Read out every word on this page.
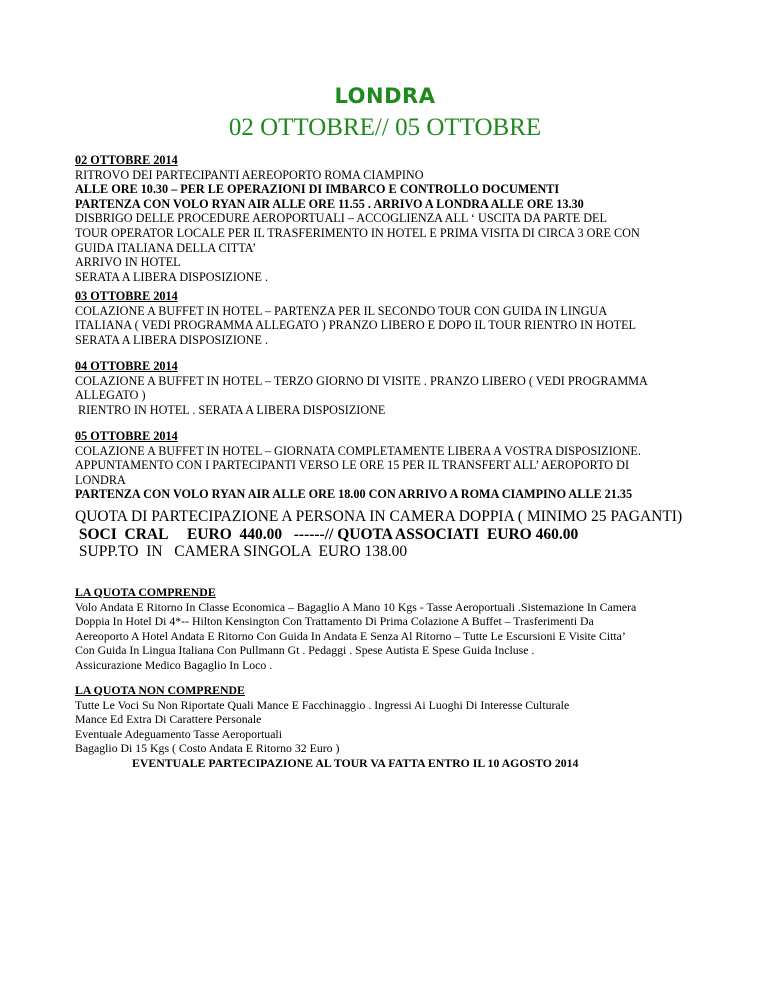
LONDRA
02 OTTOBRE// 05 OTTOBRE
02 OTTOBRE 2014
RITROVO DEI PARTECIPANTI AEREOPORTO ROMA CIAMPINO
ALLE ORE 10.30 – PER LE OPERAZIONI DI IMBARCO E CONTROLLO DOCUMENTI
PARTENZA CON VOLO RYAN AIR ALLE ORE 11.55 . ARRIVO A LONDRA ALLE ORE 13.30
DISBRIGO DELLE PROCEDURE AEROPORTUALI – ACCOGLIENZA ALL ‘ USCITA DA PARTE DEL
TOUR OPERATOR LOCALE PER IL TRASFERIMENTO IN HOTEL E PRIMA VISITA DI CIRCA 3 ORE CON
GUIDA ITALIANA DELLA CITTA’
ARRIVO IN HOTEL
SERATA A LIBERA DISPOSIZIONE .
03 OTTOBRE 2014
COLAZIONE A BUFFET IN HOTEL – PARTENZA PER IL SECONDO TOUR CON GUIDA IN LINGUA
ITALIANA ( VEDI PROGRAMMA ALLEGATO ) PRANZO LIBERO E DOPO IL TOUR RIENTRO IN HOTEL
SERATA A LIBERA DISPOSIZIONE .
04 OTTOBRE 2014
COLAZIONE A BUFFET IN HOTEL – TERZO GIORNO DI VISITE . PRANZO LIBERO ( VEDI PROGRAMMA
ALLEGATO )
RIENTRO IN HOTEL . SERATA A LIBERA DISPOSIZIONE
05 OTTOBRE 2014
COLAZIONE A BUFFET IN HOTEL – GIORNATA COMPLETAMENTE LIBERA A VOSTRA DISPOSIZIONE.
APPUNTAMENTO CON I PARTECIPANTI VERSO LE ORE 15 PER IL TRANSFERT ALL’ AEROPORTO DI
LONDRA
PARTENZA CON VOLO RYAN AIR ALLE ORE 18.00 CON ARRIVO A ROMA CIAMPINO ALLE 21.35
QUOTA DI PARTECIPAZIONE A PERSONA IN CAMERA DOPPIA ( MINIMO 25 PAGANTI)
SOCI  CRAL     EURO  440.00   ------// QUOTA ASSOCIATI  EURO 460.00
SUPP.TO  IN   CAMERA SINGOLA  EURO 138.00
LA QUOTA COMPRENDE
Volo Andata E Ritorno In Classe Economica – Bagaglio A Mano 10 Kgs - Tasse Aeroportuali .Sistemazione In Camera
Doppia In Hotel Di 4*-- Hilton Kensington Con Trattamento Di Prima Colazione A Buffet – Trasferimenti Da
Aereoporto A Hotel Andata E Ritorno Con Guida In Andata E Senza Al Ritorno – Tutte Le Escursioni E Visite Citta’
Con Guida In Lingua Italiana Con Pullmann Gt . Pedaggi . Spese Autista E Spese Guida Incluse .
Assicurazione Medico Bagaglio In Loco .
LA QUOTA NON COMPRENDE
Tutte Le Voci Su Non Riportate Quali Mance E Facchinaggio . Ingressi Ai Luoghi Di Interesse Culturale
Mance Ed Extra Di Carattere Personale
Eventuale Adeguamento Tasse Aeroportuali
Bagaglio Di 15 Kgs ( Costo Andata E Ritorno 32 Euro )
EVENTUALE PARTECIPAZIONE AL TOUR VA FATTA ENTRO IL 10 AGOSTO 2014
